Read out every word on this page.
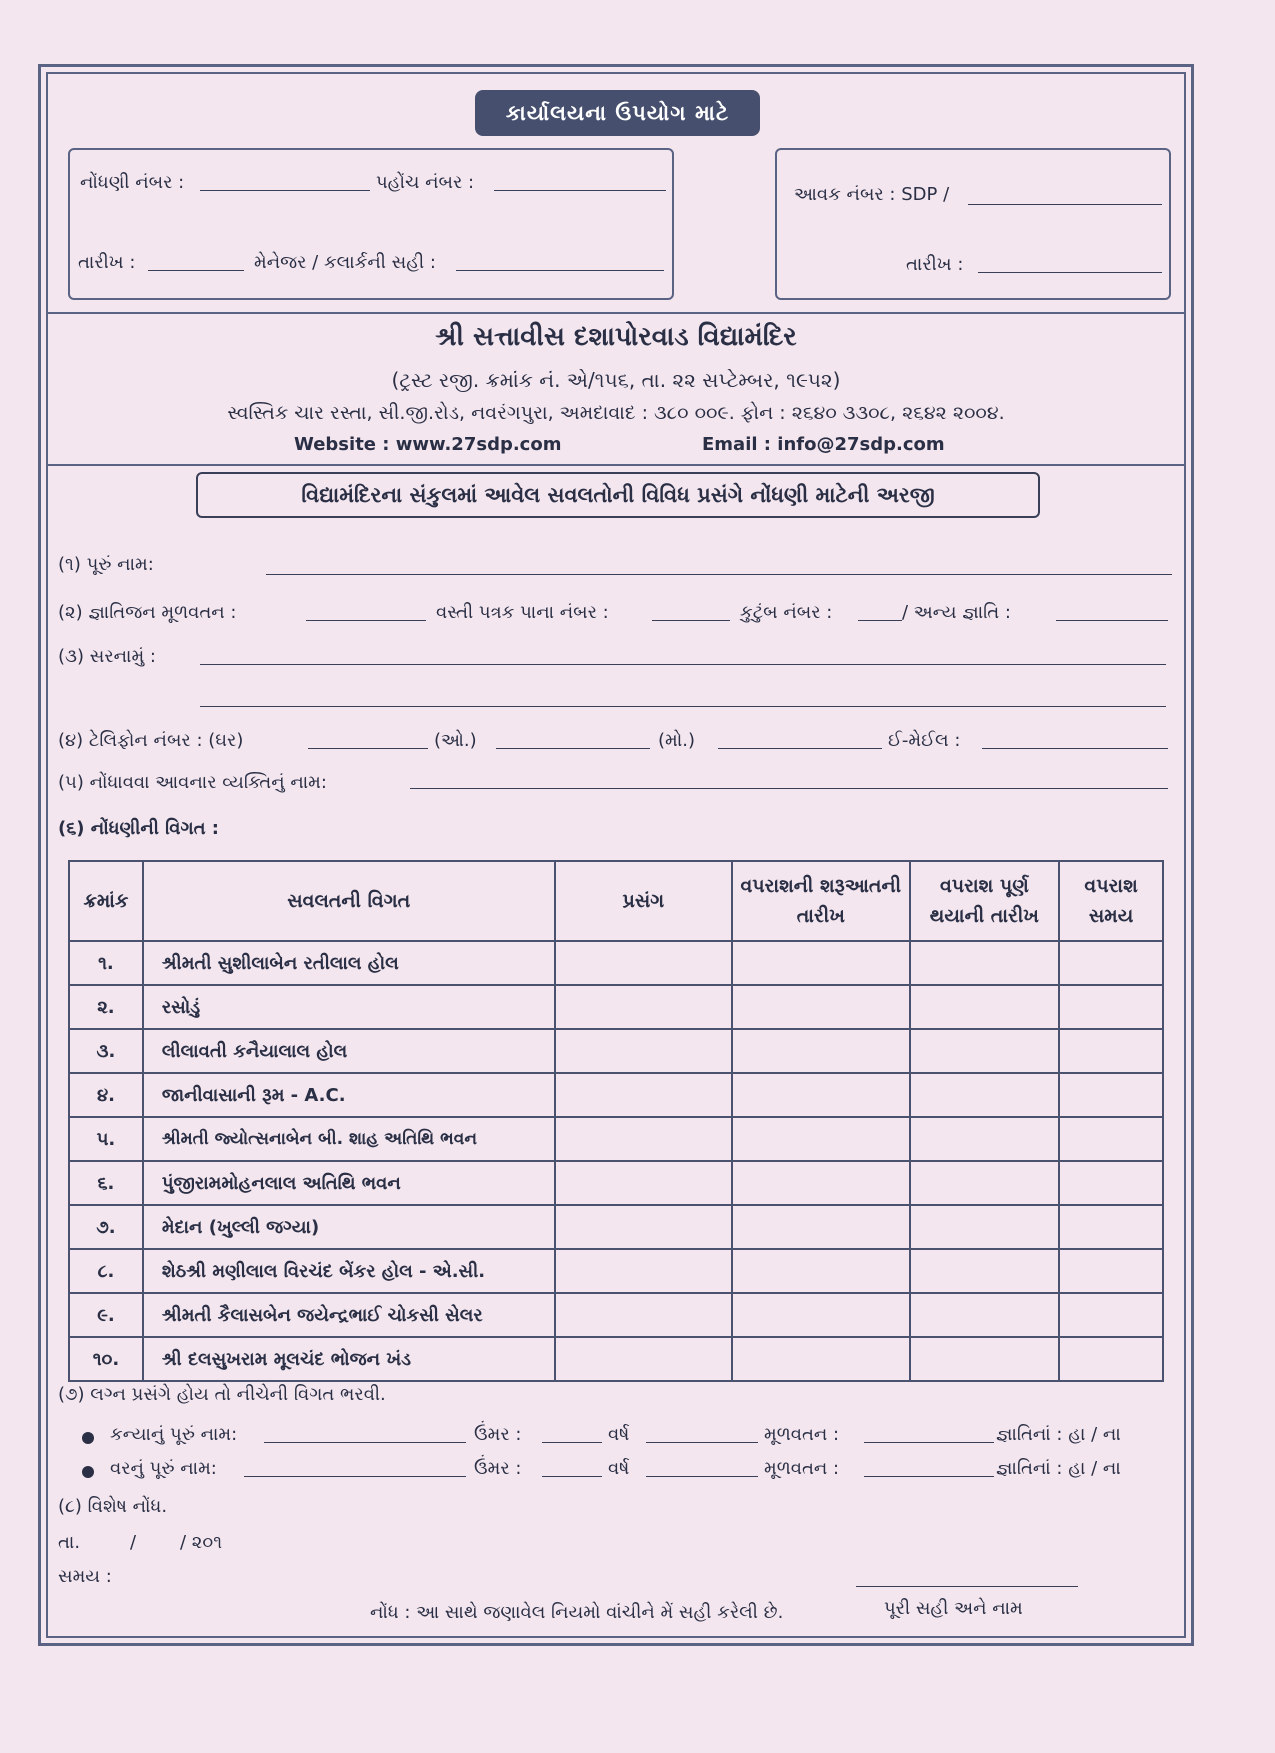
કાર્યાલયના ઉપયોગ માટે
નોંધણી નંબર :	પહોંચ નંબર :
તારીખ :	મેનેજર / કલાર્કની સહી :
આવક નંબર : SDP /
તારીખ :
શ્રી સત્તાવીસ દશાપોરવાડ વિદ્યામંદિર
(ટ્રસ્ટ રજી. ક્રમાંક નં. એ/૧૫૬, તા. ૨૨ સપ્ટેમ્બર, ૧૯૫૨)
સ્વસ્તિક ચાર રસ્તા, સી.જી.રોડ, નવરંગપુરા, અમદાવાદ : ૩૮૦ ૦૦૯. ફોન : ૨૬૪૦ ૩૩૦૮, ૨૬૪૨ ૨૦૦૪.
Website : www.27sdp.com	Email : info@27sdp.com
વિદ્યામંદિરના સંકુલમાં આવેલ સવલતોની વિવિધ પ્રસંગે નોંધણી માટેની અરજી
(૧) પૂરું નામ:
(૨) જ્ઞાતિજન મૂળવતન :	વસ્તી પત્રક પાના નંબર :	કુટુંબ નંબર :	/ અન્ય જ્ઞાતિ :
(૩) સરનામું :
(૪) ટેલિફોન નંબર : (ઘર)	(ઓ.)	(મો.)	ઈ-મેઈલ :
(૫) નોંધાવવા આવનાર વ્યક્તિનું નામ:
(૬) નોંધણીની વિગત :
ક્રમાંક	સવલતની વિગત	પ્રસંગ	વપરાશની શરૂઆતની તારીખ	વપરાશ પૂર્ણ થયાની તારીખ	વપરાશ સમય
૧.	શ્રીમતી સુશીલાબેન રતીલાલ હોલ				
૨.	રસોડું				
૩.	લીલાવતી કનૈયાલાલ હોલ				
૪.	જાનીવાસાની રૂમ - A.C.				
૫.	શ્રીમતી જ્યોત્સનાબેન બી. શાહ અતિથિ ભવન				
૬.	પુંજીરામમોહનલાલ અતિથિ ભવન				
૭.	મેદાન (ખુલ્લી જગ્યા)				
૮.	શેઠશ્રી મણીલાલ વિરચંદ બેંકર હોલ - એ.સી.				
૯.	શ્રીમતી કૈલાસબેન જયેન્દ્રભાઈ ચોકસી સેલર				
૧૦.	શ્રી દલસુખરામ મૂલચંદ ભોજન ખંડ				
(૭) લગ્ન પ્રસંગે હોય તો નીચેની વિગત ભરવી.
કન્યાનું પૂરું નામ:	ઉંમર :	વર્ષ	મૂળવતન :	જ્ઞાતિનાં : હા / ના
વરનું પૂરું નામ:	ઉંમર :	વર્ષ	મૂળવતન :	જ્ઞાતિનાં : હા / ના
(૮) વિશેષ નોંધ.
તા.	/ / ૨૦૧
સમય :
પૂરી સહી અને નામ
નોંધ : આ સાથે જણાવેલ નિયમો વાંચીને મેં સહી કરેલી છે.
